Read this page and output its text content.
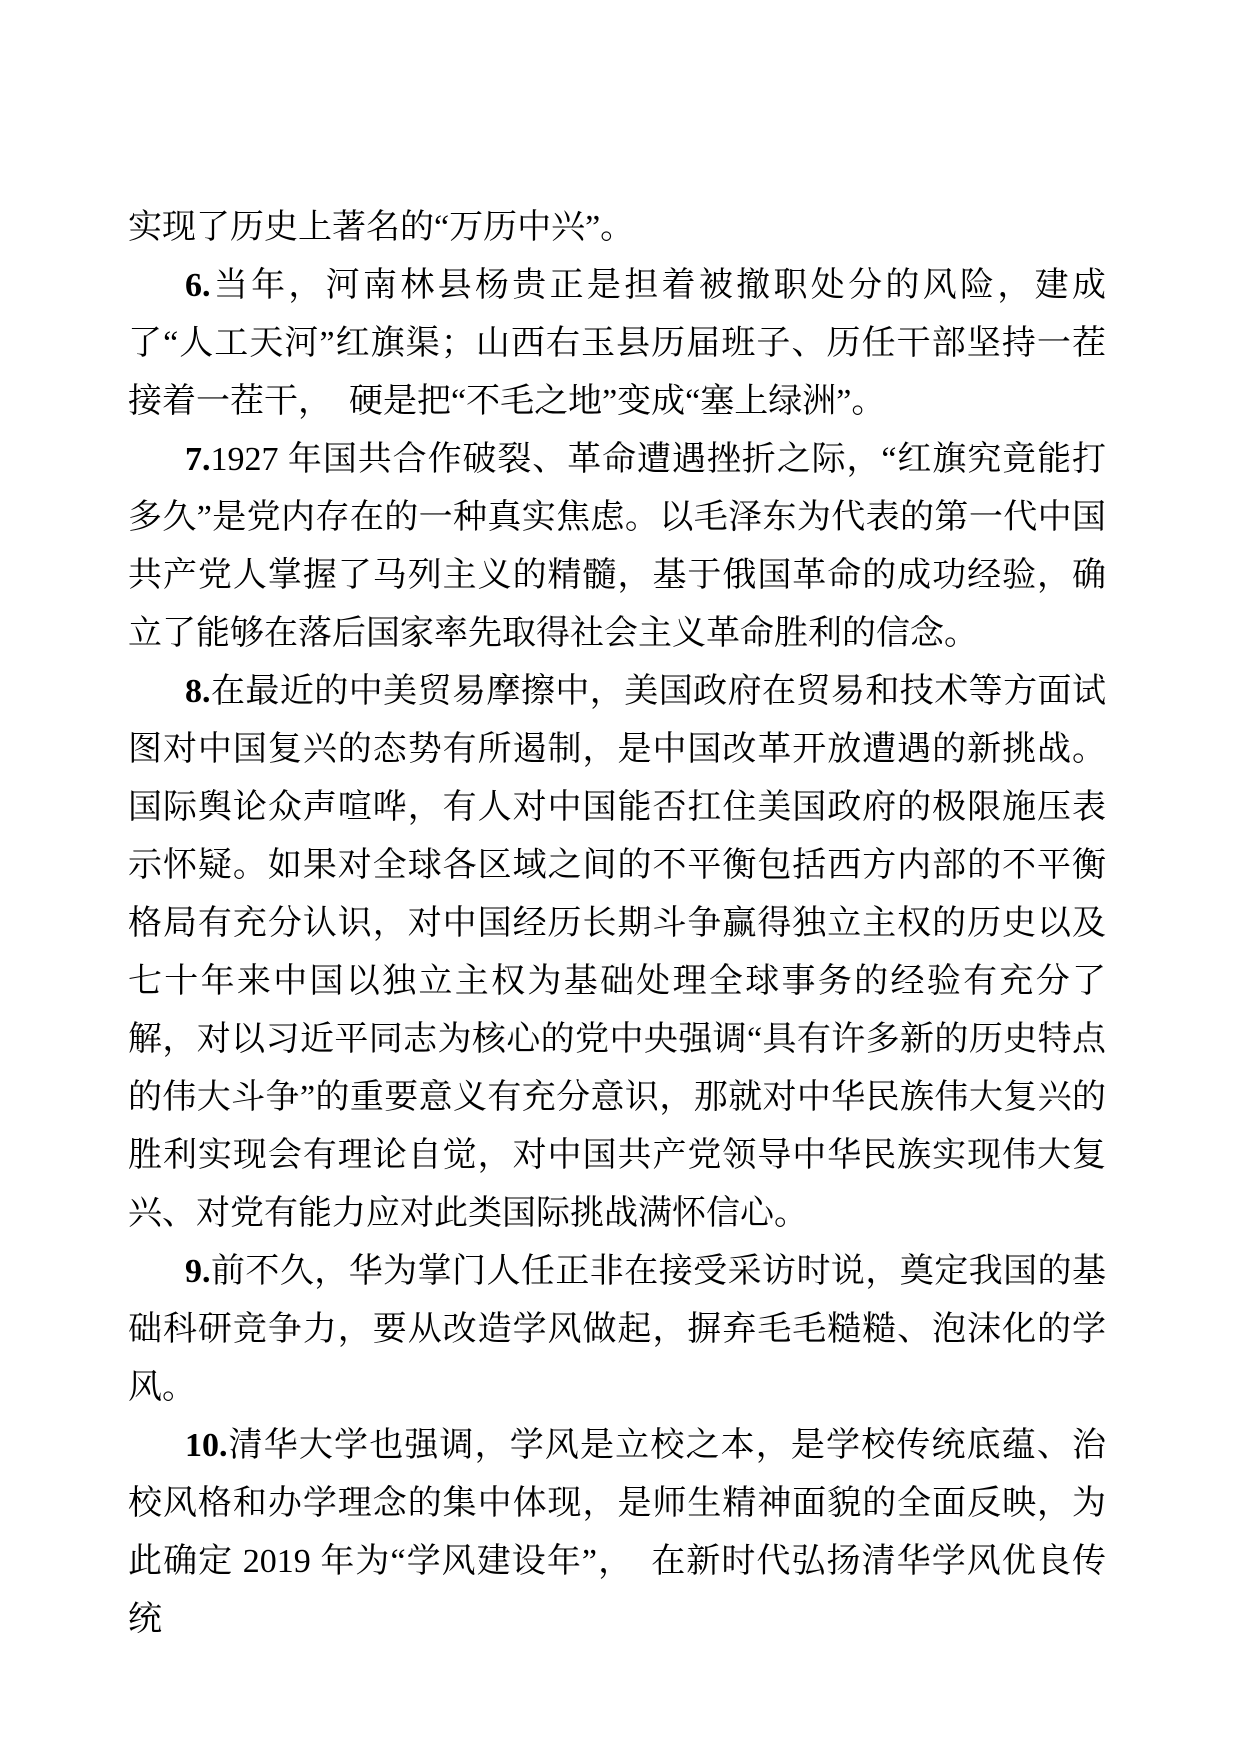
实现了历史上著名的“万历中兴”。

6.当年，河南林县杨贵正是担着被撤职处分的风险，建成了“人工天河”红旗渠；山西右玉县历届班子、历任干部坚持一茬接着一茬干，　硬是把“不毛之地”变成“塞上绿洲”。

7.1927 年国共合作破裂、革命遭遇挫折之际，“红旗究竟能打多久”是党内存在的一种真实焦虑。以毛泽东为代表的第一代中国共产党人掌握了马列主义的精髓，基于俄国革命的成功经验，确立了能够在落后国家率先取得社会主义革命胜利的信念。

8.在最近的中美贸易摩擦中，美国政府在贸易和技术等方面试图对中国复兴的态势有所遏制，是中国改革开放遭遇的新挑战。国际舆论众声喧哗，有人对中国能否扛住美国政府的极限施压表示怀疑。如果对全球各区域之间的不平衡包括西方内部的不平衡格局有充分认识，对中国经历长期斗争赢得独立主权的历史以及七十年来中国以独立主权为基础处理全球事务的经验有充分了解，对以习近平同志为核心的党中央强调“具有许多新的历史特点的伟大斗争”的重要意义有充分意识，那就对中华民族伟大复兴的胜利实现会有理论自觉，对中国共产党领导中华民族实现伟大复兴、对党有能力应对此类国际挑战满怀信心。

9.前不久，华为掌门人任正非在接受采访时说，奠定我国的基础科研竞争力，要从改造学风做起，摒弃毛毛糙糙、泡沫化的学风。

10.清华大学也强调，学风是立校之本，是学校传统底蕴、治校风格和办学理念的集中体现，是师生精神面貌的全面反映，为此确定 2019 年为“学风建设年”，　在新时代弘扬清华学风优良传统
